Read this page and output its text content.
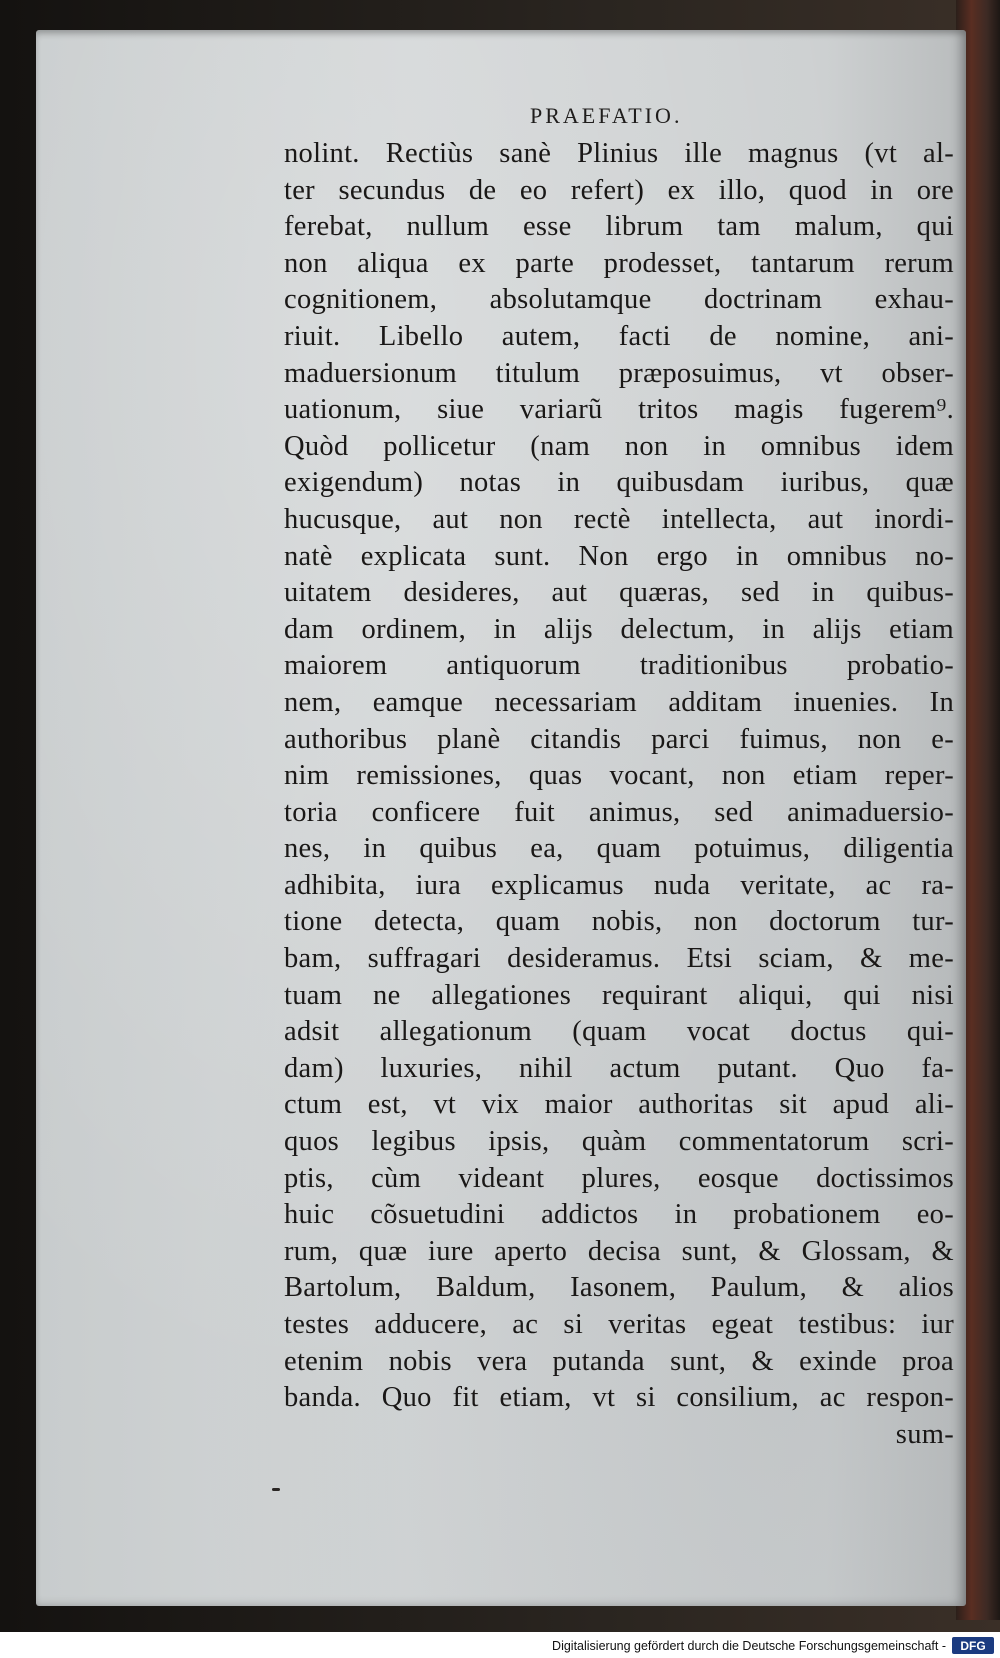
PRAEFATIO.
nolint. Rectiùs sanè Plinius ille magnus (vt al-
ter secundus de eo refert) ex illo, quod in ore
ferebat, nullum esse librum tam malum, qui
non aliqua ex parte prodesset, tantarum rerum
cognitionem, absolutamque doctrinam exhau-
riuit. Libello autem, facti de nomine, ani-
maduersionum titulum præposuimus, vt obser-
uationum, siue variarũ tritos magis fugerem⁹.
Quòd pollicetur (nam non in omnibus idem
exigendum) notas in quibusdam iuribus, quæ
hucusque, aut non rectè intellecta, aut inordi-
natè explicata sunt. Non ergo in omnibus no-
uitatem desideres, aut quæras, sed in quibus-
dam ordinem, in alijs delectum, in alijs etiam
maiorem antiquorum traditionibus probatio-
nem, eamque necessariam additam inuenies. In
authoribus planè citandis parci fuimus, non e-
nim remissiones, quas vocant, non etiam reper-
toria conficere fuit animus, sed animaduersio-
nes, in quibus ea, quam potuimus, diligentia
adhibita, iura explicamus nuda veritate, ac ra-
tione detecta, quam nobis, non doctorum tur-
bam, suffragari desideramus. Etsi sciam, & me-
tuam ne allegationes requirant aliqui, qui nisi
adsit allegationum (quam vocat doctus qui-
dam) luxuries, nihil actum putant. Quo fa-
ctum est, vt vix maior authoritas sit apud ali-
quos legibus ipsis, quàm commentatorum scri-
ptis, cùm videant plures, eosque doctissimos
huic cõsuetudini addictos in probationem eo-
rum, quæ iure aperto decisa sunt, & Glossam, &
Bartolum, Baldum, Iasonem, Paulum, & alios
testes adducere, ac si veritas egeat testibus: iur
etenim nobis vera putanda sunt, & exinde proa
banda. Quo fit etiam, vt si consilium, ac respon-
sum-
Digitalisierung gefördert durch die Deutsche Forschungsgemeinschaft -	DFG
